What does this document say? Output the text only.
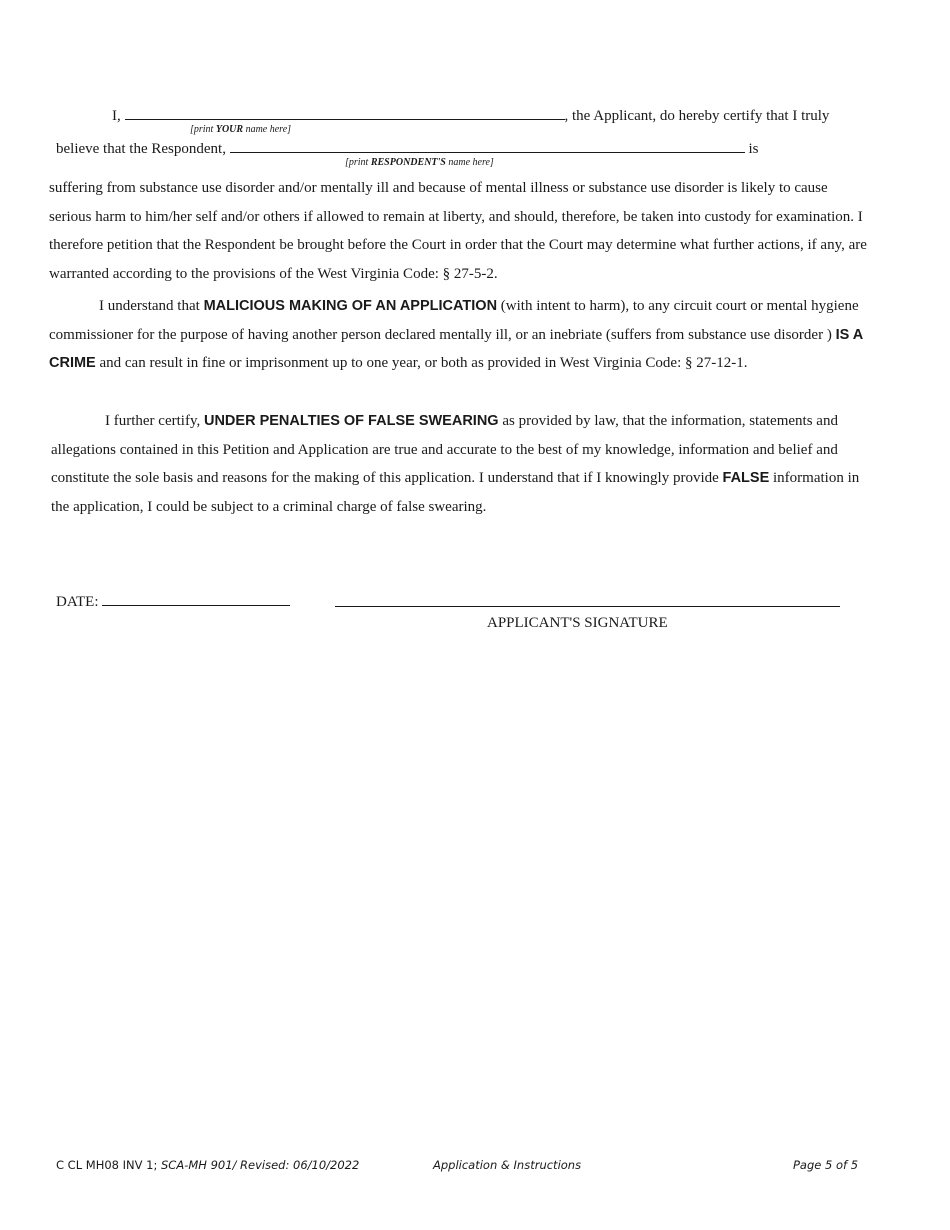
I,	, the Applicant, do hereby certify that I truly
[print YOUR name here]
believe that the Respondent,	is
[print RESPONDENT'S name here]
suffering from substance use disorder and/or mentally ill and because of mental illness or substance use disorder is likely to cause serious harm to him/her self and/or others if allowed to remain at liberty, and should, therefore, be taken into custody for examination. I therefore petition that the Respondent be brought before the Court in order that the Court may determine what further actions, if any, are warranted according to the provisions of the West Virginia Code: § 27-5-2.
I understand that MALICIOUS MAKING OF AN APPLICATION (with intent to harm), to any circuit court or mental hygiene commissioner for the purpose of having another person declared mentally ill, or an inebriate (suffers from substance use disorder ) IS A CRIME and can result in fine or imprisonment up to one year, or both as provided in West Virginia Code: § 27-12-1.
I further certify, UNDER PENALTIES OF FALSE SWEARING as provided by law, that the information, statements and allegations contained in this Petition and Application are true and accurate to the best of my knowledge, information and belief and constitute the sole basis and reasons for the making of this application. I understand that if I knowingly provide FALSE information in the application, I could be subject to a criminal charge of false swearing.
DATE:
APPLICANT'S SIGNATURE
C CL MH08 INV 1; SCA-MH 901/ Revised: 06/10/2022	Application & Instructions	Page 5 of 5
